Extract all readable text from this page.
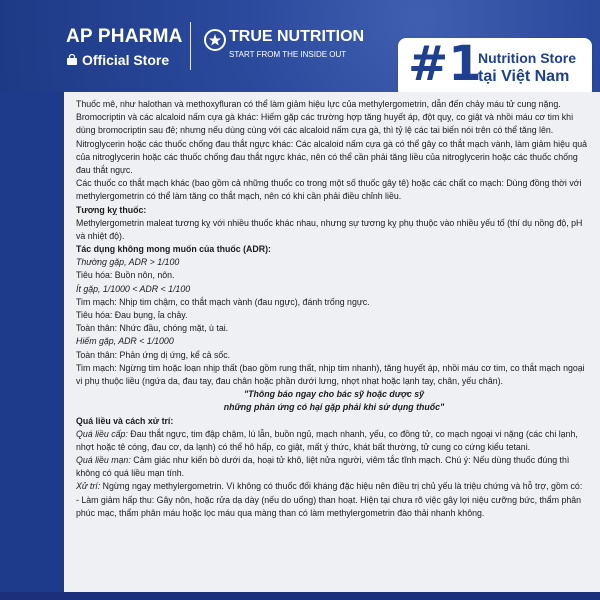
AP PHARMA
Official Store
TRUE NUTRITION
START FROM THE INSIDE OUT #1
Nutrition Store
tại Việt Nam

Thuốc mê, như halothan và methoxyfluran có thể làm giảm hiệu lực của methylergometrin, dẫn đến chảy máu tử cung nặng.

Bromocriptin và các alcaloid nấm cựa gà khác: Hiếm gặp các trường hợp tăng huyết áp, đột quỵ, co giật và nhồi máu cơ tim khi dùng bromocriptin sau đẻ; nhưng nếu dùng cùng với các alcaloid nấm cựa gà, thì tỷ lệ các tai biến nói trên có thể tăng lên.

Nitroglycerin hoặc các thuốc chống đau thắt ngực khác: Các alcaloid nấm cựa gà có thể gây co thắt mạch vành, làm giảm hiệu quả của nitroglycerin hoặc các thuốc chống đau thắt ngực khác, nên có thể cần phải tăng liều của nitroglycerin hoặc các thuốc chống đau thắt ngực.

Các thuốc co thắt mạch khác (bao gồm cả những thuốc co trong một số thuốc gây tê) hoặc các chất co mạch: Dùng đồng thời với methylergometrin có thể làm tăng co thắt mạch, nên có khi cần phải điều chỉnh liều.

Tương kỵ thuốc:

Methylergometrin maleat tương kỵ với nhiều thuốc khác nhau, nhưng sự tương kỵ phụ thuộc vào nhiều yếu tố (thí dụ nồng độ, pH và nhiệt độ).

Tác dụng không mong muốn của thuốc (ADR):

Thường gặp, ADR > 1/100

Tiêu hóa: Buồn nôn, nôn.

Ít gặp, 1/1000 < ADR < 1/100

Tim mạch: Nhịp tim chậm, co thắt mạch vành (đau ngực), đánh trống ngực.

Tiêu hóa: Đau bụng, ỉa chảy.

Toàn thân: Nhức đầu, chóng mặt, ù tai.

Hiếm gặp, ADR < 1/1000

Toàn thân: Phản ứng dị ứng, kể cả sốc.

Tim mạch: Ngừng tim hoặc loạn nhịp thất (bao gồm rung thất, nhịp tim nhanh), tăng huyết áp, nhồi máu cơ tim, co thắt mạch ngoại vi phụ thuộc liều (ngứa da, đau tay, đau chân hoặc phần dưới lưng, nhợt nhạt hoặc lạnh tay, chân, yếu chân).

"Thông báo ngay cho bác sỹ hoặc dược sỹ

những phản ứng có hại gặp phải khi sử dụng thuốc"

Quá liều và cách xử trí:

Quá liều cấp: Đau thắt ngực, tim đập chậm, lú lẫn, buồn ngủ, mạch nhanh, yếu, co đồng tử, co mạch ngoại vi nặng (các chi lạnh, nhợt hoặc tê cóng, đau cơ, da lạnh) có thể hô hấp, co giật, mất ý thức, khát bất thường, tử cung co cứng kiểu tetani.

Quá liều mạn: Cảm giác như kiến bò dưới da, hoại tử khô, liệt nửa người, viêm tắc tĩnh mạch. Chú ý: Nếu dùng thuốc đúng thì không có quá liều mạn tính.

Xử trí: Ngừng ngay methylergometrin. Vì không có thuốc đối kháng đặc hiệu nên điều trị chủ yếu là triệu chứng và hỗ trợ, gồm có:

- Làm giảm hấp thu: Gây nôn, hoặc rửa dạ dày (nếu do uống) than hoạt. Hiện tại chưa rõ việc gây lợi niệu cưỡng bức, thẩm phân phúc mạc, thẩm phân máu hoặc lọc máu qua màng than có làm methylergometrin đào thải nhanh không.
